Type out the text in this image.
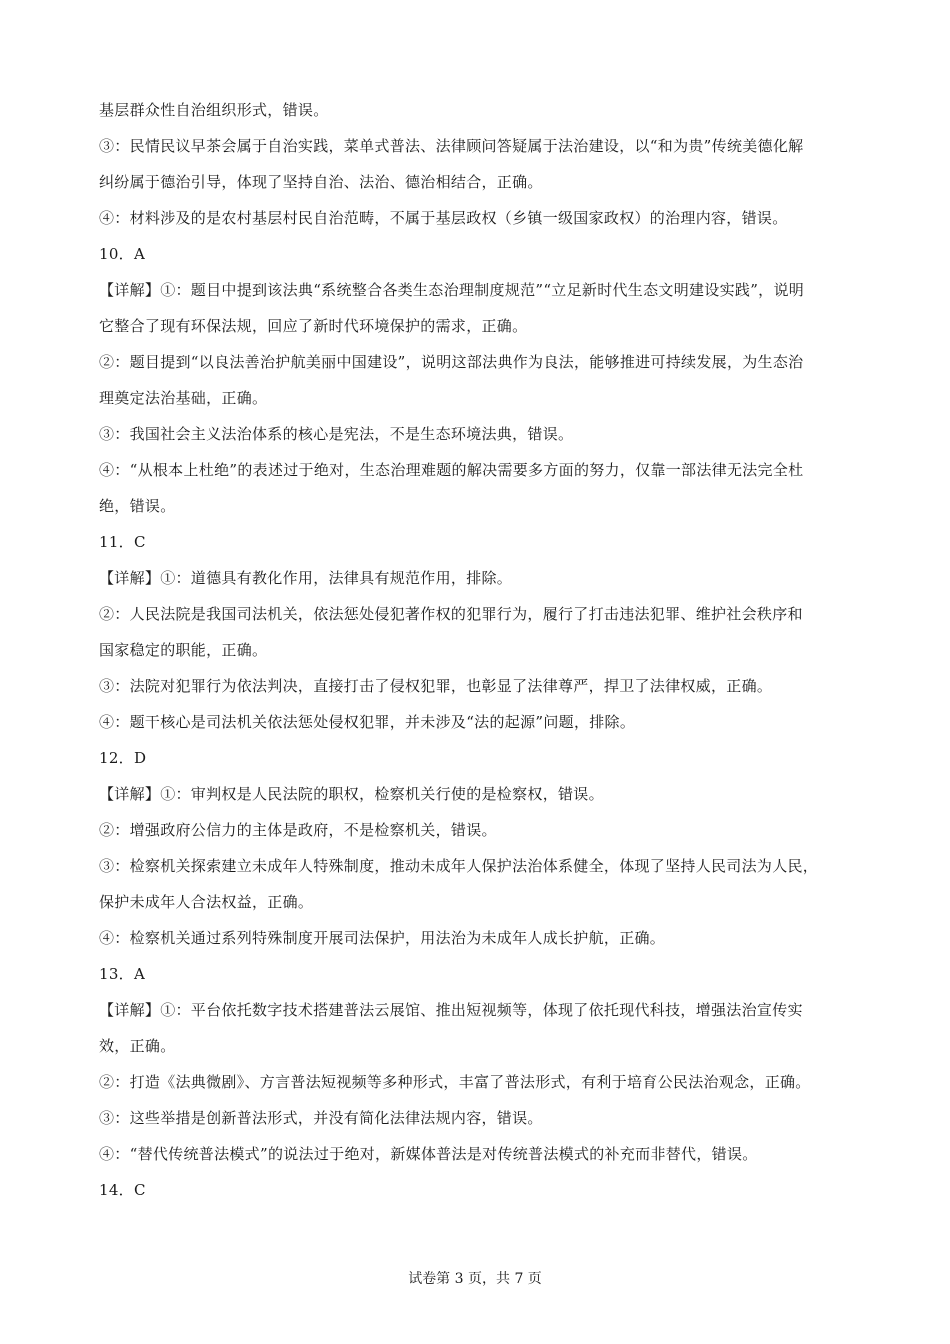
基层群众性自治组织形式，错误。
③：民情民议早茶会属于自治实践，菜单式普法、法律顾问答疑属于法治建设，以“和为贵”传统美德化解
纠纷属于德治引导，体现了坚持自治、法治、德治相结合，正确。
④：材料涉及的是农村基层村民自治范畴，不属于基层政权（乡镇一级国家政权）的治理内容，错误。
10．A
【详解】①：题目中提到该法典“系统整合各类生态治理制度规范”“立足新时代生态文明建设实践”，说明
它整合了现有环保法规，回应了新时代环境保护的需求，正确。
②：题目提到“以良法善治护航美丽中国建设”，说明这部法典作为良法，能够推进可持续发展，为生态治
理奠定法治基础，正确。
③：我国社会主义法治体系的核心是宪法，不是生态环境法典，错误。
④：“从根本上杜绝”的表述过于绝对，生态治理难题的解决需要多方面的努力，仅靠一部法律无法完全杜
绝，错误。
11．C
【详解】①：道德具有教化作用，法律具有规范作用，排除。
②：人民法院是我国司法机关，依法惩处侵犯著作权的犯罪行为，履行了打击违法犯罪、维护社会秩序和
国家稳定的职能，正确。
③：法院对犯罪行为依法判决，直接打击了侵权犯罪，也彰显了法律尊严，捍卫了法律权威，正确。
④：题干核心是司法机关依法惩处侵权犯罪，并未涉及“法的起源”问题，排除。
12．D
【详解】①：审判权是人民法院的职权，检察机关行使的是检察权，错误。
②：增强政府公信力的主体是政府，不是检察机关，错误。
③：检察机关探索建立未成年人特殊制度，推动未成年人保护法治体系健全，体现了坚持人民司法为人民，
保护未成年人合法权益，正确。
④：检察机关通过系列特殊制度开展司法保护，用法治为未成年人成长护航，正确。
13．A
【详解】①：平台依托数字技术搭建普法云展馆、推出短视频等，体现了依托现代科技，增强法治宣传实
效，正确。
②：打造《法典微剧》、方言普法短视频等多种形式，丰富了普法形式，有利于培育公民法治观念，正确。
③：这些举措是创新普法形式，并没有简化法律法规内容，错误。
④：“替代传统普法模式”的说法过于绝对，新媒体普法是对传统普法模式的补充而非替代，错误。
14．C
试卷第 3 页，共 7 页
